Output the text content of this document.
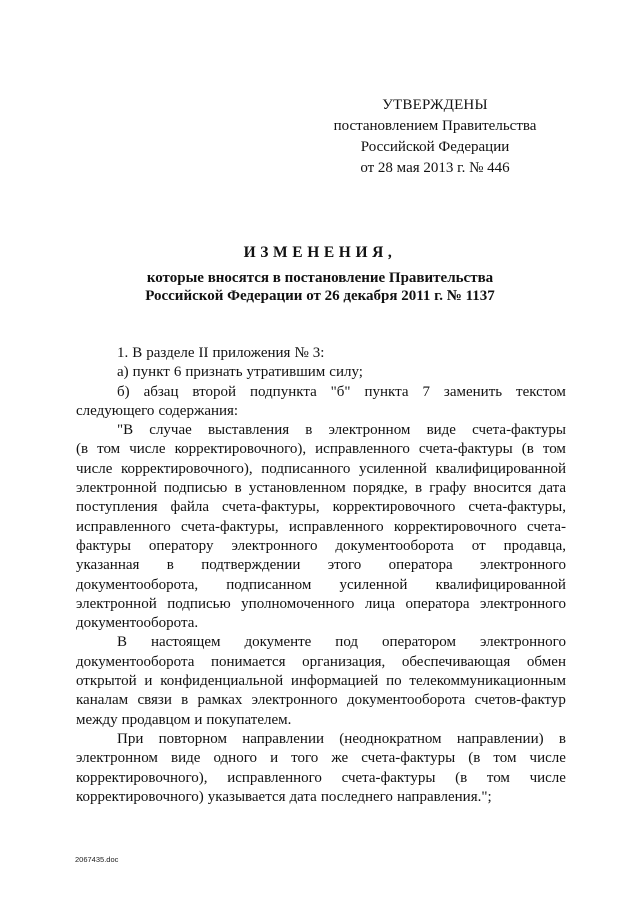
УТВЕРЖДЕНЫ
постановлением Правительства
Российской Федерации
от 28 мая 2013 г. № 446
ИЗМЕНЕНИЯ,
которые вносятся в постановление Правительства
Российской Федерации от 26 декабря 2011 г. № 1137
1. В разделе II приложения № 3:
а) пункт 6 признать утратившим силу;
б) абзац второй подпункта "б" пункта 7 заменить текстом
следующего содержания:
"В случае выставления в электронном виде счета-фактуры
(в том числе корректировочного), исправленного счета-фактуры (в том
числе корректировочного), подписанного усиленной квалифицированной
электронной подписью в установленном порядке, в графу вносится дата
поступления файла счета-фактуры, корректировочного счета-фактуры,
исправленного счета-фактуры, исправленного корректировочного счета-
фактуры оператору электронного документооборота от продавца,
указанная в подтверждении этого оператора электронного
документооборота, подписанном усиленной квалифицированной
электронной подписью уполномоченного лица оператора электронного
документооборота.
В настоящем документе под оператором электронного
документооборота понимается организация, обеспечивающая обмен
открытой и конфиденциальной информацией по телекоммуникационным
каналам связи в рамках электронного документооборота счетов-фактур
между продавцом и покупателем.
При повторном направлении (неоднократном направлении) в
электронном виде одного и того же счета-фактуры (в том числе
корректировочного), исправленного счета-фактуры (в том числе
корректировочного) указывается дата последнего направления.";
2067435.doc
